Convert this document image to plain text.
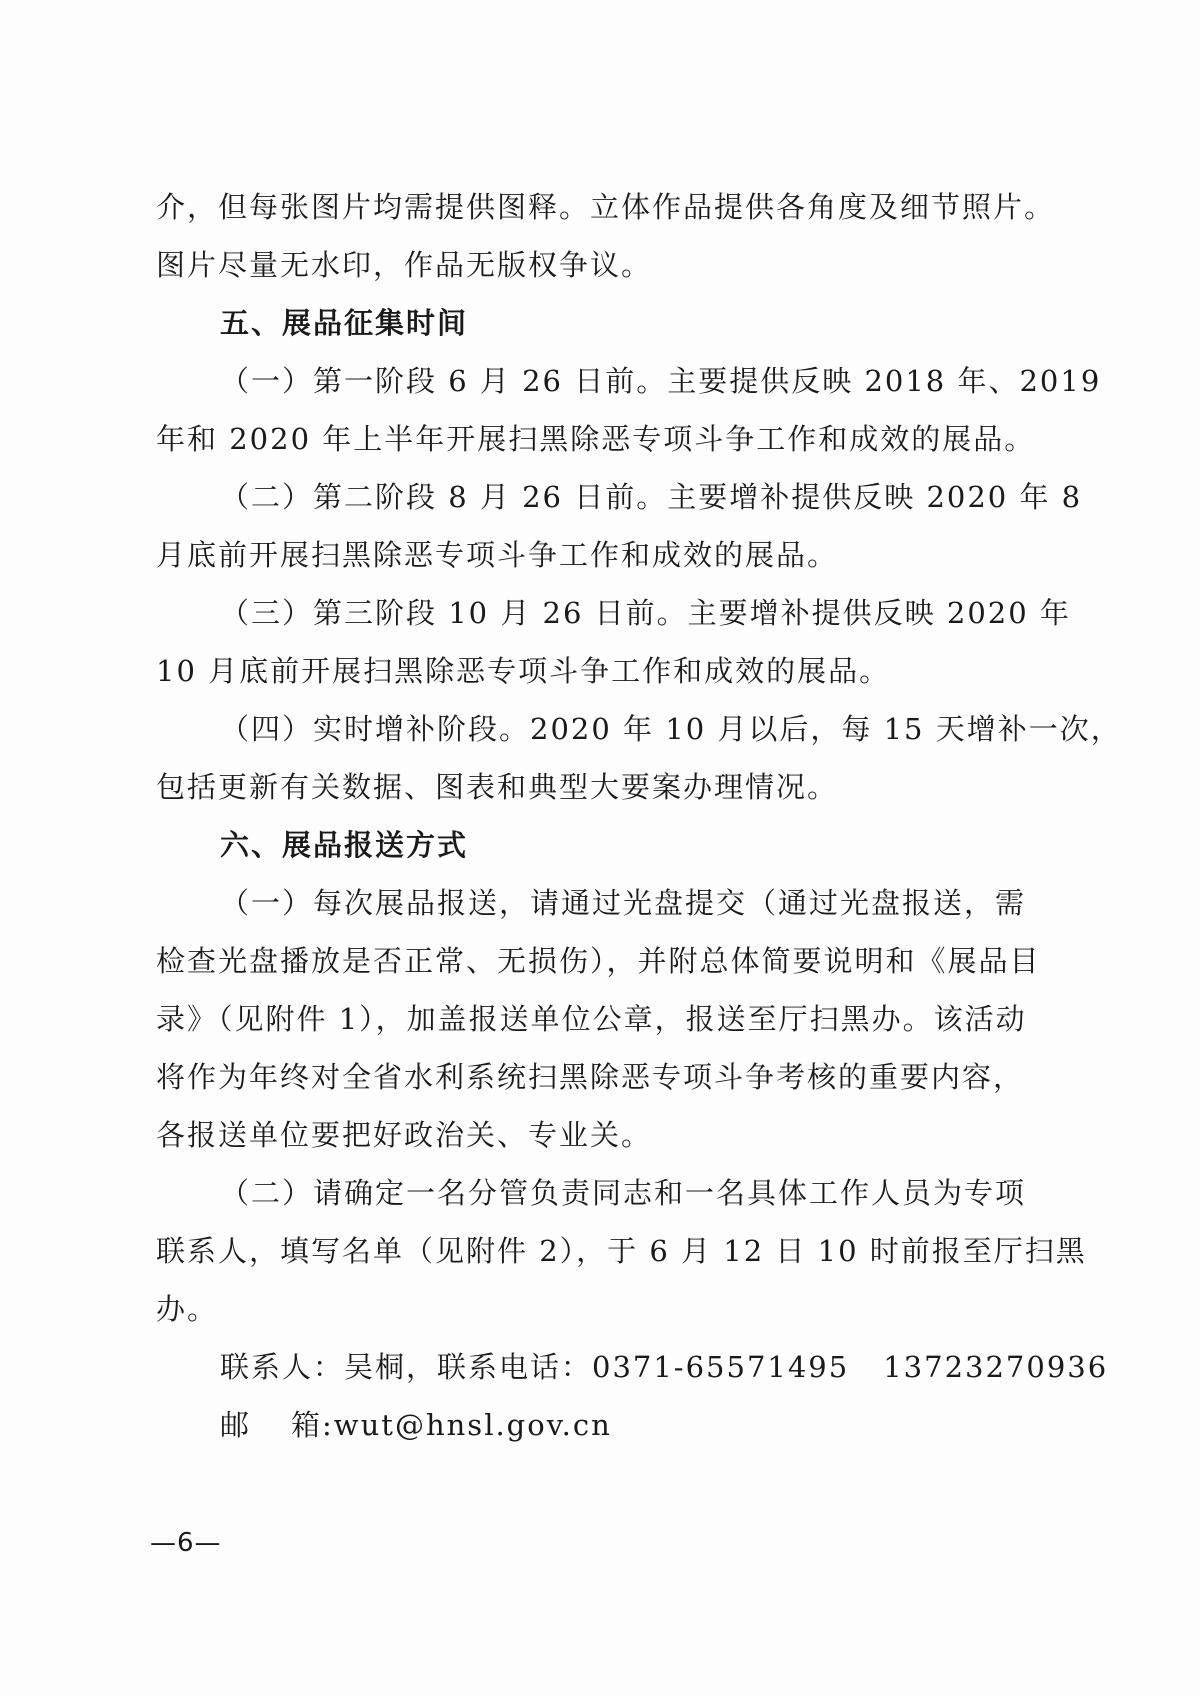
介，但每张图片均需提供图释。立体作品提供各角度及细节照片。
图片尽量无水印，作品无版权争议。
五、展品征集时间
（一）第一阶段 6 月 26 日前。主要提供反映 2018 年、2019
年和 2020 年上半年开展扫黑除恶专项斗争工作和成效的展品。
（二）第二阶段 8 月 26 日前。主要增补提供反映 2020 年 8
月底前开展扫黑除恶专项斗争工作和成效的展品。
（三）第三阶段 10 月 26 日前。主要增补提供反映 2020 年
10 月底前开展扫黑除恶专项斗争工作和成效的展品。
（四）实时增补阶段。2020 年 10 月以后，每 15 天增补一次，
包括更新有关数据、图表和典型大要案办理情况。
六、展品报送方式
（一）每次展品报送，请通过光盘提交（通过光盘报送，需
检查光盘播放是否正常、无损伤），并附总体简要说明和《展品目
录》（见附件 1），加盖报送单位公章，报送至厅扫黑办。该活动
将作为年终对全省水利系统扫黑除恶专项斗争考核的重要内容，
各报送单位要把好政治关、专业关。
（二）请确定一名分管负责同志和一名具体工作人员为专项
联系人，填写名单（见附件 2），于 6 月 12 日 10 时前报至厅扫黑
办。
联系人：吴桐，联系电话：0371-65571495 13723270936
邮 箱:wut@hnsl.gov.cn
—6—
